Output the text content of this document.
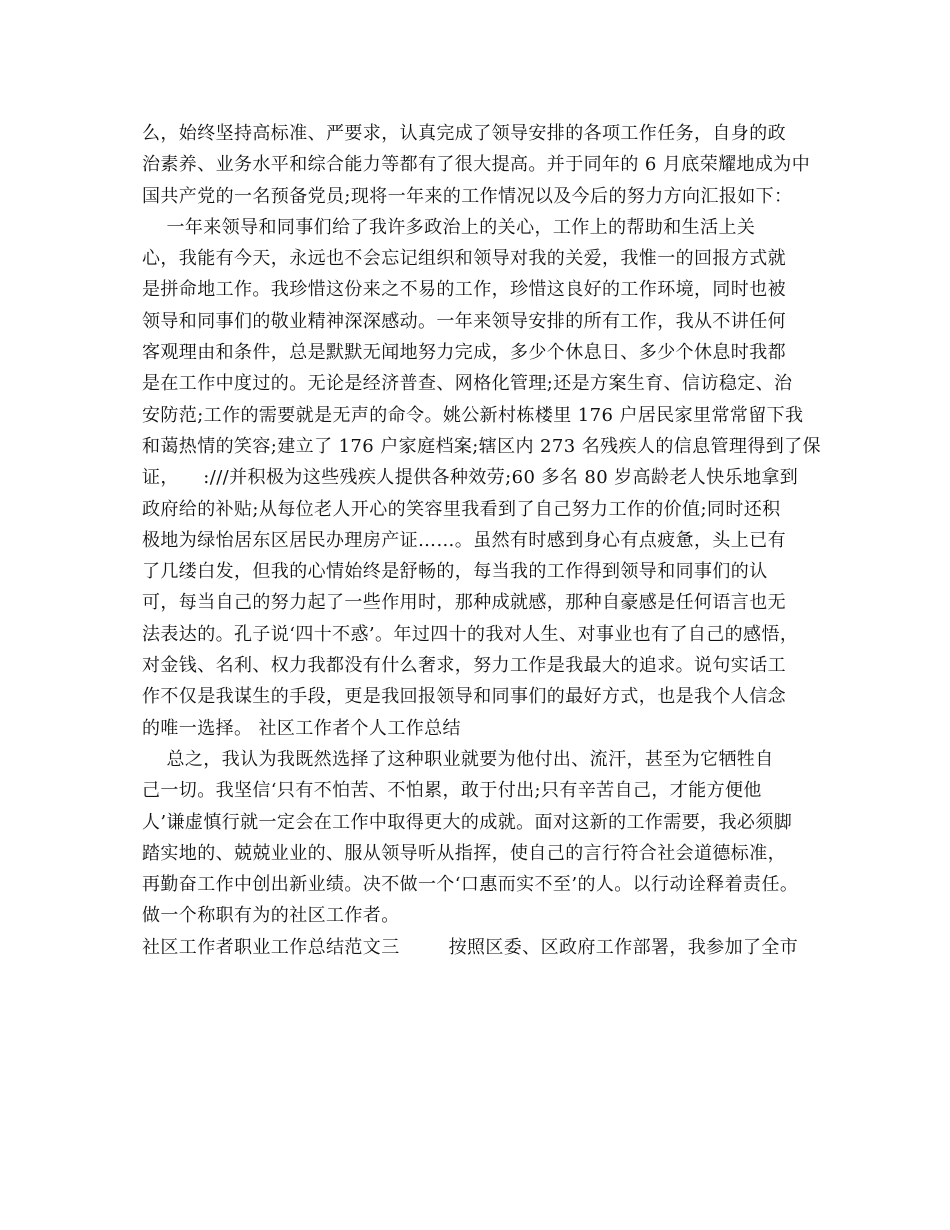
么，始终坚持高标准、严要求，认真完成了领导安排的各项工作任务，自身的政
治素养、业务水平和综合能力等都有了很大提高。并于同年的 6 月底荣耀地成为中
国共产党的一名预备党员;现将一年来的工作情况以及今后的努力方向汇报如下：
一年来领导和同事们给了我许多政治上的关心，工作上的帮助和生活上关
心，我能有今天，永远也不会忘记组织和领导对我的关爱，我惟一的回报方式就
是拼命地工作。我珍惜这份来之不易的工作，珍惜这良好的工作环境，同时也被
领导和同事们的敬业精神深深感动。一年来领导安排的所有工作，我从不讲任何
客观理由和条件，总是默默无闻地努力完成，多少个休息日、多少个休息时我都
是在工作中度过的。无论是经济普查、网格化管理;还是方案生育、信访稳定、治
安防范;工作的需要就是无声的命令。姚公新村栋楼里 176 户居民家里常常留下我
和蔼热情的笑容;建立了 176 户家庭档案;辖区内 273 名残疾人的信息管理得到了保
证，    :///并积极为这些残疾人提供各种效劳;60 多名 80 岁高龄老人快乐地拿到
政府给的补贴;从每位老人开心的笑容里我看到了自己努力工作的价值;同时还积
极地为绿怡居东区居民办理房产证……。虽然有时感到身心有点疲惫，头上已有
了几缕白发，但我的心情始终是舒畅的，每当我的工作得到领导和同事们的认
可，每当自己的努力起了一些作用时，那种成就感，那种自豪感是任何语言也无
法表达的。孔子说‘四十不惑’。年过四十的我对人生、对事业也有了自己的感悟，
对金钱、名利、权力我都没有什么奢求，努力工作是我最大的追求。说句实话工
作不仅是我谋生的手段，更是我回报领导和同事们的最好方式，也是我个人信念
的唯一选择。 社区工作者个人工作总结
总之，我认为我既然选择了这种职业就要为他付出、流汗，甚至为它牺牲自
己一切。我坚信‘只有不怕苦、不怕累，敢于付出;只有辛苦自己，才能方便他
人’谦虚慎行就一定会在工作中取得更大的成就。面对这新的工作需要，我必须脚
踏实地的、兢兢业业的、服从领导听从指挥，使自己的言行符合社会道德标准，
再勤奋工作中创出新业绩。决不做一个‘口惠而实不至’的人。以行动诠释着责任。
做一个称职有为的社区工作者。
社区工作者职业工作总结范文三        按照区委、区政府工作部署，我参加了全市
